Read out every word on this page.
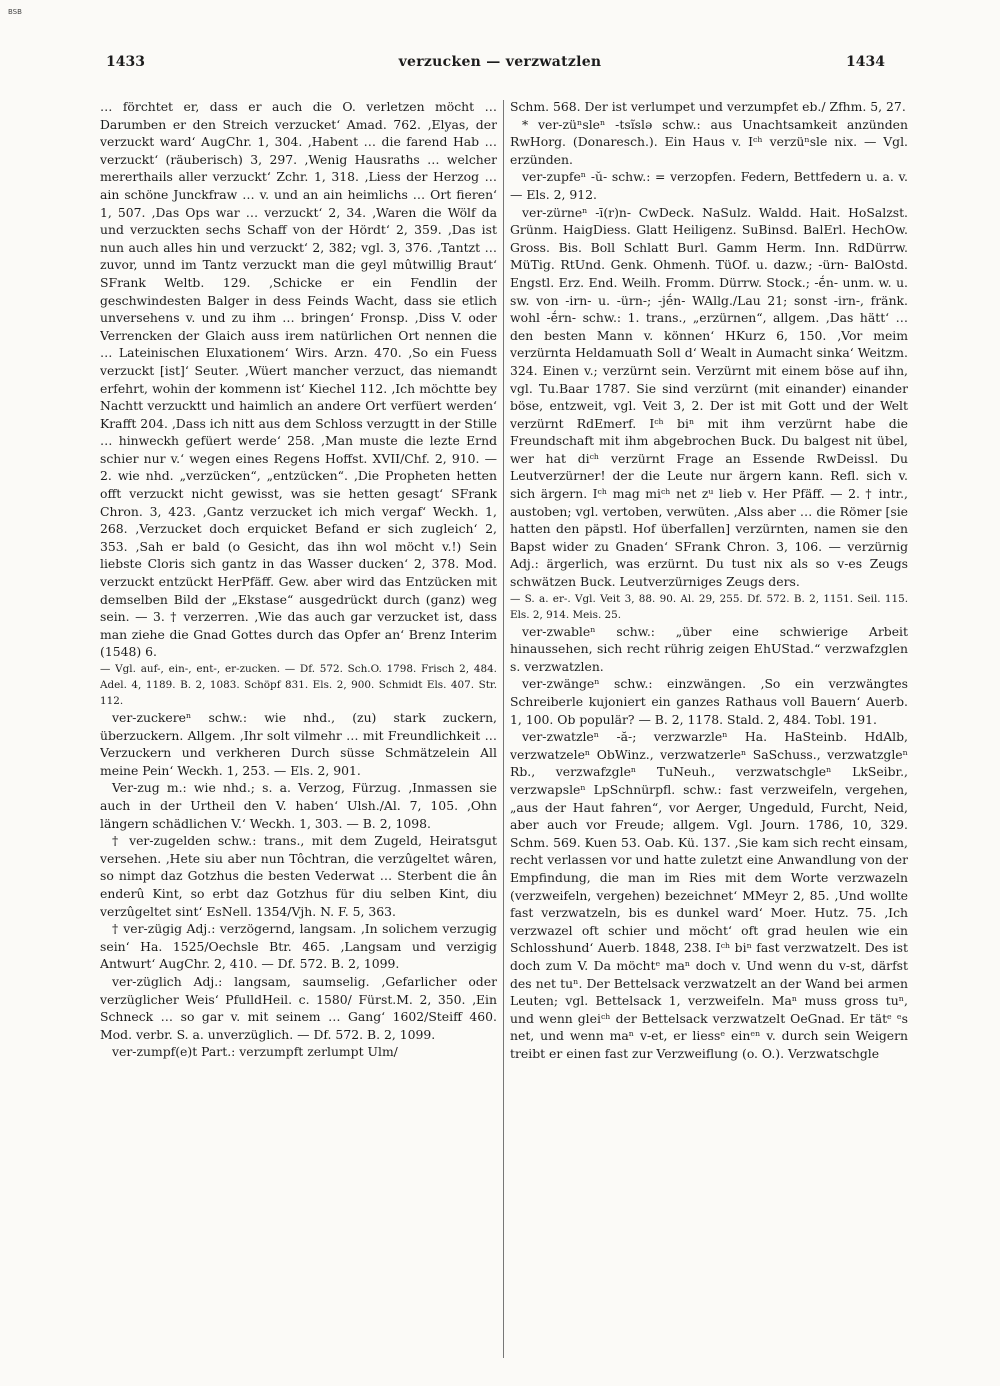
BSB
1433	verzucken — verzwatzlen	1434

… förchtet er, dass er auch die O. verletzen möcht … Darumben er den Streich verzucket‘ Amad. 762. ‚Elyas, der verzuckt ward‘ AugChr. 1, 304. ‚Habent … die farend Hab … verzuckt‘ (räuberisch) 3, 297. ‚Wenig Hausraths … welcher mererthails aller verzuckt‘ Zchr. 1, 318. ‚Liess der Herzog … ain schöne Junckfraw … v. und an ain heimlichs … Ort fieren‘ 1, 507. ‚Das Ops war … verzuckt‘ 2, 34. ‚Waren die Wölf da und verzuckten sechs Schaff von der Hördt‘ 2, 359. ‚Das ist nun auch alles hin und verzuckt‘ 2, 382; vgl. 3, 376. ‚Tantzt … zuvor, unnd im Tantz verzuckt man die geyl mûtwillig Braut‘ SFrank Weltb. 129. ‚Schicke er ein Fendlin der geschwindesten Balger in dess Feinds Wacht, dass sie etlich unversehens v. und zu ihm … bringen‘ Fronsp. ‚Diss V. oder Verrencken der Glaich auss irem natürlichen Ort nennen die … Lateinischen Eluxationem‘ Wirs. Arzn. 470. ‚So ein Fuess verzuckt [ist]‘ Seuter. ‚Wüert mancher verzuct, das niemandt erfehrt, wohin der kommenn ist‘ Kiechel 112. ‚Ich möchtte bey Nachtt verzucktt und haimlich an andere Ort verfüert werden‘ Krafft 204. ‚Dass ich nitt aus dem Schloss verzugtt in der Stille … hinweckh gefüert werde‘ 258. ‚Man muste die lezte Ernd schier nur v.‘ wegen eines Regens Hoffst. XVII/Chf. 2, 910. — 2. wie nhd. „verzücken“, „entzücken“. ‚Die Propheten hetten offt verzuckt nicht gewisst, was sie hetten gesagt‘ SFrank Chron. 3, 423. ‚Gantz verzucket ich mich vergaf‘ Weckh. 1, 268. ‚Verzucket doch erquicket Befand er sich zugleich‘ 2, 353. ‚Sah er bald (o Gesicht, das ihn wol möcht v.!) Sein liebste Cloris sich gantz in das Wasser ducken‘ 2, 378. Mod. verzuckt entzückt HerPfäff. Gew. aber wird das Entzücken mit demselben Bild der „Ekstase“ ausgedrückt durch (ganz) weg sein. — 3. † verzerren. ‚Wie das auch gar verzucket ist, dass man ziehe die Gnad Gottes durch das Opfer an‘ Brenz Interim (1548) 6.

— Vgl. auf-, ein-, ent-, er-zucken. — Df. 572. Sch.O. 1798. Frisch 2, 484. Adel. 4, 1189. B. 2, 1083. Schöpf 831. Els. 2, 900. Schmidt Els. 407. Str. 112.

ver-zuckereⁿ schw.: wie nhd., (zu) stark zuckern, überzuckern. Allgem. ‚Ihr solt vilmehr … mit Freundlichkeit … Verzuckern und verkheren Durch süsse Schmätzelein All meine Pein‘ Weckh. 1, 253. — Els. 2, 901.

Ver-zug m.: wie nhd.; s. a. Verzog, Fürzug. ‚Inmassen sie auch in der Urtheil den V. haben‘ Ulsh./Al. 7, 105. ‚Ohn längern schädlichen V.‘ Weckh. 1, 303. — B. 2, 1098.

† ver-zugelden schw.: trans., mit dem Zugeld, Heiratsgut versehen. ‚Hete siu aber nun Tôchtran, die verzûgeltet wâren, so nimpt daz Gotzhus die besten Vederwat … Sterbent die ân enderû Kint, so erbt daz Gotzhus für diu selben Kint, diu verzûgeltet sint‘ EsNell. 1354/Vjh. N. F. 5, 363.

† ver-zügig Adj.: verzögernd, langsam. ‚In solichem verzugig sein‘ Ha. 1525/Oechsle Btr. 465. ‚Langsam und verzigig Antwurt‘ AugChr. 2, 410. — Df. 572. B. 2, 1099.

ver-züglich Adj.: langsam, saumselig. ‚Gefarlicher oder verzüglicher Weis‘ PfulldHeil. c. 1580/ Fürst.M. 2, 350. ‚Ein Schneck … so gar v. mit seinem … Gang‘ 1602/Steiff 460. Mod. verbr. S. a. unverzüglich. — Df. 572. B. 2, 1099.

ver-zumpf(e)t Part.: verzumpft zerlumpt Ulm/

Schm. 568. Der ist verlumpet und verzumpfet eb./ Zfhm. 5, 27.

* ver-züⁿsleⁿ -tsĩslə schw.: aus Unachtsamkeit anzünden RwHorg. (Donaresch.). Ein Haus v. Iᶜʰ verzüⁿsle nix. — Vgl. erzünden.

ver-zupfeⁿ -ŭ- schw.: = verzopfen. Federn, Bettfedern u. a. v. — Els. 2, 912.

ver-zürneⁿ -ī(r)n- CwDeck. NaSulz. Waldd. Hait. HoSalzst. Grünm. HaigDiess. Glatt Heiligenz. SuBinsd. BalErl. HechOw. Gross. Bis. Boll Schlatt Burl. Gamm Herm. Inn. RdDürrw. MüTig. RtUnd. Genk. Ohmenh. TüOf. u. dazw.; -ürn- BalOstd. Engstl. Erz. End. Weilh. Fromm. Dürrw. Stock.; -ḗn- unm. w. u. sw. von -irn- u. -ürn-; -jḗn- WAllg./Lau 21; sonst -irn-, fränk. wohl -ḗrn- schw.: 1. trans., „erzürnen“, allgem. ‚Das hätt‘ … den besten Mann v. können‘ HKurz 6, 150. ‚Vor meim verzürnta Heldamuath Soll d‘ Wealt in Aumacht sinka‘ Weitzm. 324. Einen v.; verzürnt sein. Verzürnt mit einem böse auf ihn, vgl. Tu.Baar 1787. Sie sind verzürnt (mit einander) einander böse, entzweit, vgl. Veit 3, 2. Der ist mit Gott und der Welt verzürnt RdEmerf. Iᶜʰ biⁿ mit ihm verzürnt habe die Freundschaft mit ihm abgebrochen Buck. Du balgest nit übel, wer hat diᶜʰ verzürnt Frage an Essende RwDeissl. Du Leutverzürner! der die Leute nur ärgern kann. Refl. sich v. sich ärgern. Iᶜʰ mag miᶜʰ net zᵘ lieb v. Her Pfäff. — 2. † intr., austoben; vgl. vertoben, verwüten. ‚Alss aber … die Römer [sie hatten den päpstl. Hof überfallen] verzürnten, namen sie den Bapst wider zu Gnaden‘ SFrank Chron. 3, 106. — verzürnig Adj.: ärgerlich, was erzürnt. Du tust nix als so v-es Zeugs schwätzen Buck. Leutverzürniges Zeugs ders.

— S. a. er-. Vgl. Veit 3, 88. 90. Al. 29, 255. Df. 572. B. 2, 1151. Seil. 115. Els. 2, 914. Meis. 25.

ver-zwableⁿ schw.: „über eine schwierige Arbeit hinaussehen, sich recht rührig zeigen EhUStad.“ verzwafzglen s. verzwatzlen.

ver-zwängeⁿ schw.: einzwängen. ‚So ein verzwängtes Schreiberle kujoniert ein ganzes Rathaus voll Bauern‘ Auerb. 1, 100. Ob populär? — B. 2, 1178. Stald. 2, 484. Tobl. 191.

ver-zwatzleⁿ -ă-; verzwarzleⁿ Ha. HaSteinb. HdAlb, verzwatzeleⁿ ObWinz., verzwatzerleⁿ SaSchuss., verzwatzgleⁿ Rb., verzwafzgleⁿ TuNeuh., verzwatschgleⁿ LkSeibr., verzwapsleⁿ LpSchnürpfl. schw.: fast verzweifeln, vergehen, „aus der Haut fahren“, vor Aerger, Ungeduld, Furcht, Neid, aber auch vor Freude; allgem. Vgl. Journ. 1786, 10, 329. Schm. 569. Kuen 53. Oab. Kü. 137. ‚Sie kam sich recht einsam, recht verlassen vor und hatte zuletzt eine Anwandlung von der Empfindung, die man im Ries mit dem Worte verzwazeln (verzweifeln, vergehen) bezeichnet‘ MMeyr 2, 85. ‚Und wollte fast verzwatzeln, bis es dunkel ward‘ Moer. Hutz. 75. ‚Ich verzwazel oft schier und möcht‘ oft grad heulen wie ein Schlosshund‘ Auerb. 1848, 238. Iᶜʰ biⁿ fast verzwatzelt. Des ist doch zum V. Da möchtᵉ maⁿ doch v. Und wenn du v-st, därfst des net tuⁿ. Der Bettelsack verzwatzelt an der Wand bei armen Leuten; vgl. Bettelsack 1, verzweifeln. Maⁿ muss gross tuⁿ, und wenn gleiᶜʰ der Bettelsack verzwatzelt OeGnad. Er tätᵉ ᵉs net, und wenn maⁿ v-et, er liessᵉ einᵉⁿ v. durch sein Weigern treibt er einen fast zur Verzweiflung (o. O.). Verzwatschgle
